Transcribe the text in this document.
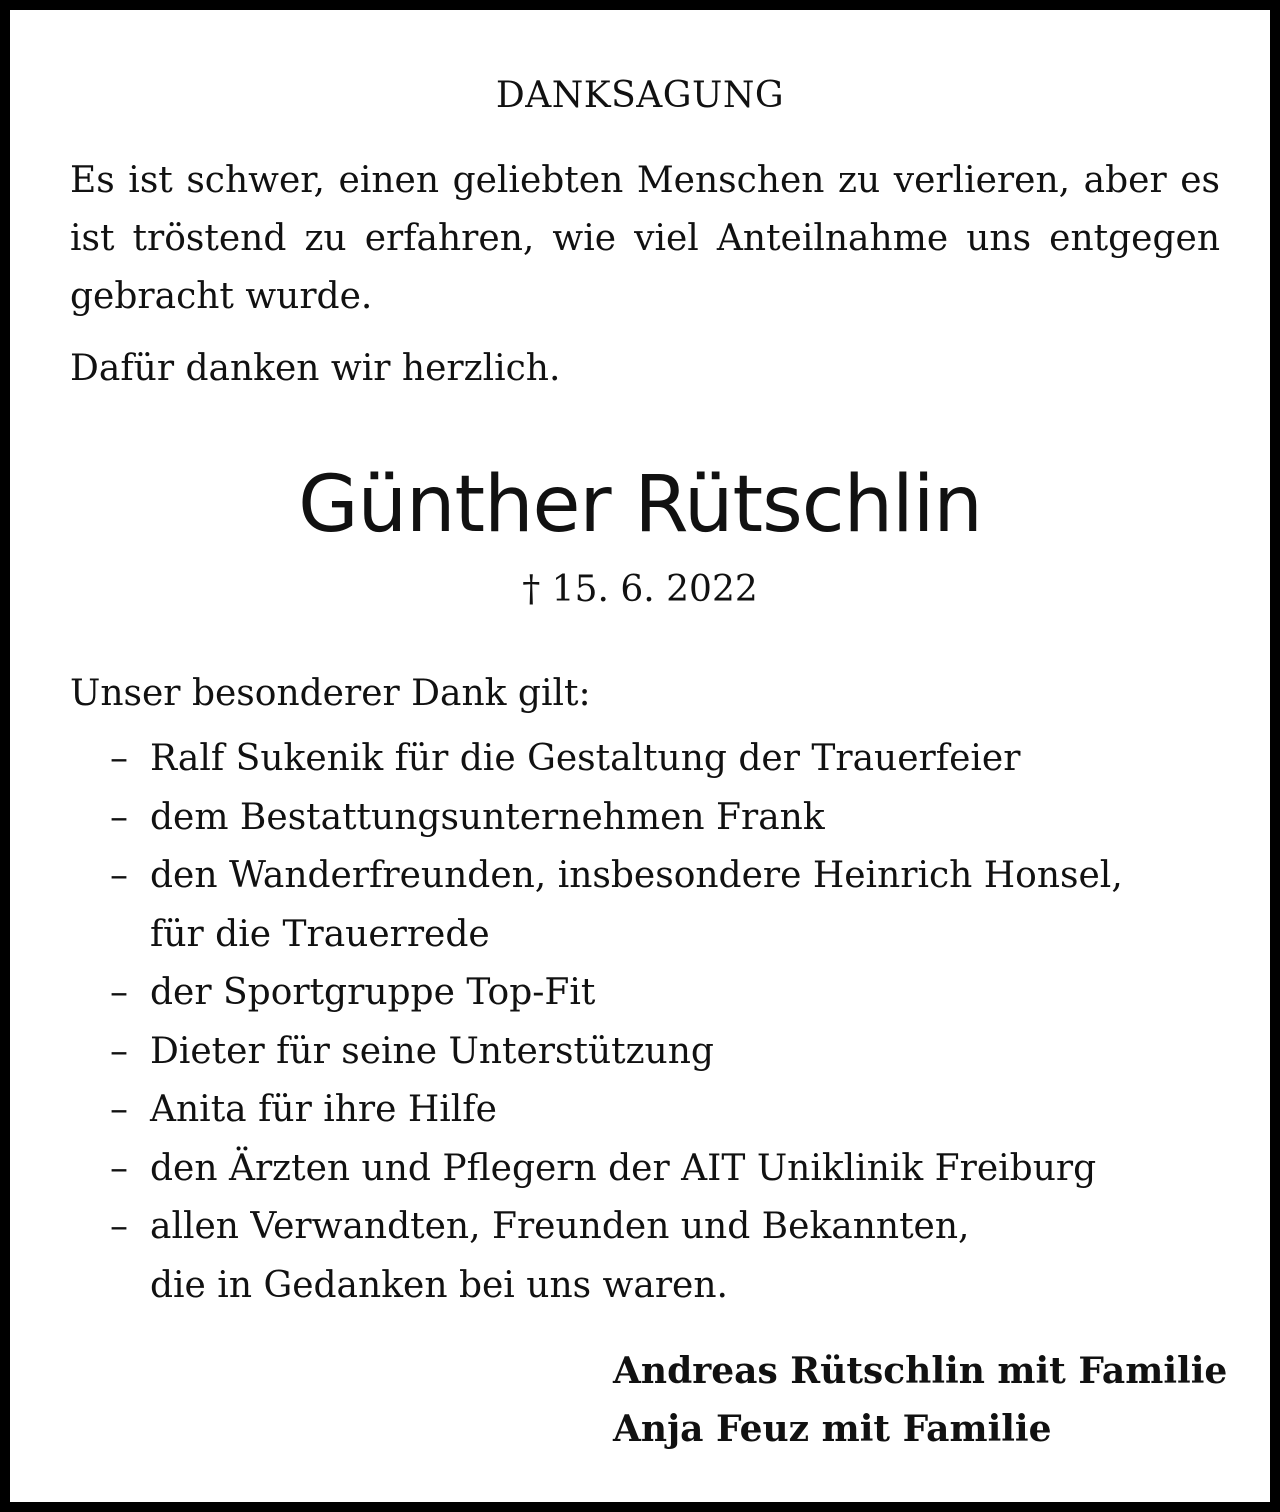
DANKSAGUNG
Es ist schwer, einen geliebten Menschen zu verlieren, aber es ist tröstend zu erfahren, wie viel Anteilnahme uns entgegen gebracht wurde.
Dafür danken wir herzlich.
Günther Rütschlin
† 15. 6. 2022
Unser besonderer Dank gilt:
– Ralf Sukenik für die Gestaltung der Trauerfeier
– dem Bestattungsunternehmen Frank
– den Wanderfreunden, insbesondere Heinrich Honsel,
für die Trauerrede
– der Sportgruppe Top-Fit
– Dieter für seine Unterstützung
– Anita für ihre Hilfe
– den Ärzten und Pflegern der AIT Uniklinik Freiburg
– allen Verwandten, Freunden und Bekannten,
die in Gedanken bei uns waren.
Andreas Rütschlin mit Familie
Anja Feuz mit Familie
